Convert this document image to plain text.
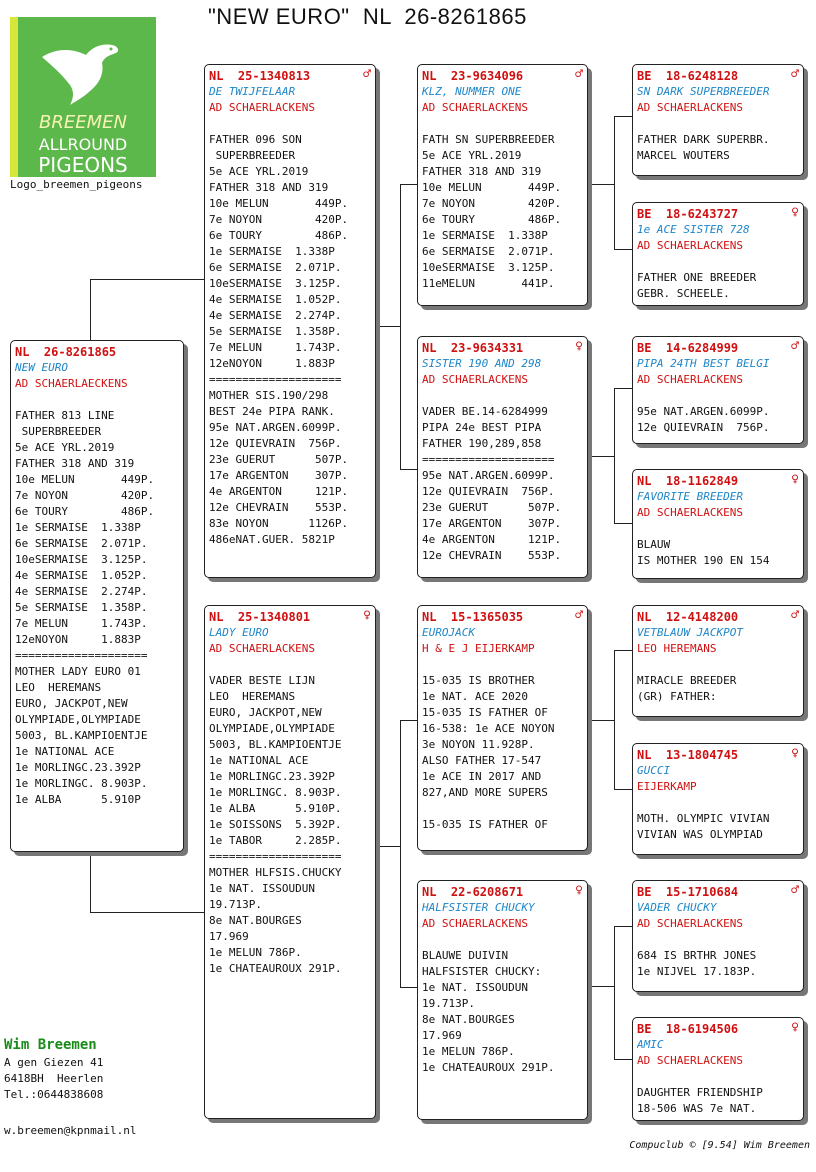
"NEW EURO"  NL  26-8261865
BREEMEN
ALLROUND
PIGEONS
Logo_breemen_pigeons
NL  26-8261865
NEW EURO
AD SCHAERLAECKENS
FATHER 813 LINE
SUPERBREEDER
5e ACE YRL.2019
FATHER 318 AND 319
10e MELUN       449P.
7e NOYON        420P.
6e TOURY        486P.
1e SERMAISE  1.338P
6e SERMAISE  2.071P.
10eSERMAISE  3.125P.
4e SERMAISE  1.052P.
4e SERMAISE  2.274P.
5e SERMAISE  1.358P.
7e MELUN     1.743P.
12eNOYON     1.883P
====================
MOTHER LADY EURO 01
LEO  HEREMANS
EURO, JACKPOT,NEW
OLYMPIADE,OLYMPIADE
5003, BL.KAMPIOENTJE
1e NATIONAL ACE
1e MORLINGC.23.392P
1e MORLINGC. 8.903P.
1e ALBA      5.910P
NL  25-1340813	♂
DE TWIJFELAAR
AD SCHAERLACKENS
FATHER 096 SON
SUPERBREEDER
5e ACE YRL.2019
FATHER 318 AND 319
10e MELUN       449P.
7e NOYON        420P.
6e TOURY        486P.
1e SERMAISE  1.338P
6e SERMAISE  2.071P.
10eSERMAISE  3.125P.
4e SERMAISE  1.052P.
4e SERMAISE  2.274P.
5e SERMAISE  1.358P.
7e MELUN     1.743P.
12eNOYON     1.883P
====================
MOTHER SIS.190/298
BEST 24e PIPA RANK.
95e NAT.ARGEN.6099P.
12e QUIEVRAIN  756P.
23e GUERUT      507P.
17e ARGENTON    307P.
4e ARGENTON     121P.
12e CHEVRAIN    553P.
83e NOYON      1126P.
486eNAT.GUER. 5821P
NL  25-1340801	♀
LADY EURO
AD SCHAERLACKENS
VADER BESTE LIJN
LEO  HEREMANS
EURO, JACKPOT,NEW
OLYMPIADE,OLYMPIADE
5003, BL.KAMPIOENTJE
1e NATIONAL ACE
1e MORLINGC.23.392P
1e MORLINGC. 8.903P.
1e ALBA      5.910P.
1e SOISSONS  5.392P.
1e TABOR     2.285P.
====================
MOTHER HLFSIS.CHUCKY
1e NAT. ISSOUDUN
19.713P.
8e NAT.BOURGES
17.969
1e MELUN 786P.
1e CHATEAUROUX 291P.
NL  23-9634096	♂
KLZ, NUMMER ONE
AD SCHAERLACKENS
FATH SN SUPERBREEDER
5e ACE YRL.2019
FATHER 318 AND 319
10e MELUN       449P.
7e NOYON        420P.
6e TOURY        486P.
1e SERMAISE  1.338P
6e SERMAISE  2.071P.
10eSERMAISE  3.125P.
11eMELUN       441P.
NL  23-9634331	♀
SISTER 190 AND 298
AD SCHAERLACKENS
VADER BE.14-6284999
PIPA 24e BEST PIPA
FATHER 190,289,858
====================
95e NAT.ARGEN.6099P.
12e QUIEVRAIN  756P.
23e GUERUT      507P.
17e ARGENTON    307P.
4e ARGENTON     121P.
12e CHEVRAIN    553P.
NL  15-1365035	♂
EUROJACK
H & E J EIJERKAMP
15-035 IS BROTHER
1e NAT. ACE 2020
15-035 IS FATHER OF
16-538: 1e ACE NOYON
3e NOYON 11.928P.
ALSO FATHER 17-547
1e ACE IN 2017 AND
827,AND MORE SUPERS

15-035 IS FATHER OF
NL  22-6208671	♀
HALFSISTER CHUCKY
AD SCHAERLACKENS
BLAUWE DUIVIN
HALFSISTER CHUCKY:
1e NAT. ISSOUDUN
19.713P.
8e NAT.BOURGES
17.969
1e MELUN 786P.
1e CHATEAUROUX 291P.
BE  18-6248128	♂
SN DARK SUPERBREEDER
AD SCHAERLACKENS
FATHER DARK SUPERBR.
MARCEL WOUTERS
BE  18-6243727	♀
1e ACE SISTER 728
AD SCHAERLACKENS
FATHER ONE BREEDER
GEBR. SCHEELE.
BE  14-6284999	♂
PIPA 24TH BEST BELGI
AD SCHAERLACKENS
95e NAT.ARGEN.6099P.
12e QUIEVRAIN  756P.
NL  18-1162849	♀
FAVORITE BREEDER
AD SCHAERLACKENS
BLAUW
IS MOTHER 190 EN 154
NL  12-4148200	♂
VETBLAUW JACKPOT
LEO HEREMANS
MIRACLE BREEDER
(GR) FATHER:
NL  13-1804745	♀
GUCCI
EIJERKAMP
MOTH. OLYMPIC VIVIAN
VIVIAN WAS OLYMPIAD
BE  15-1710684	♂
VADER CHUCKY
AD SCHAERLACKENS
684 IS BRTHR JONES
1e NIJVEL 17.183P.
BE  18-6194506	♀
AMIC
AD SCHAERLACKENS
DAUGHTER FRIENDSHIP
18-506 WAS 7e NAT.
Wim Breemen
A gen Giezen 41
6418BH  Heerlen
Tel.:0644838608
w.breemen@kpnmail.nl
Compuclub © [9.54] Wim Breemen
